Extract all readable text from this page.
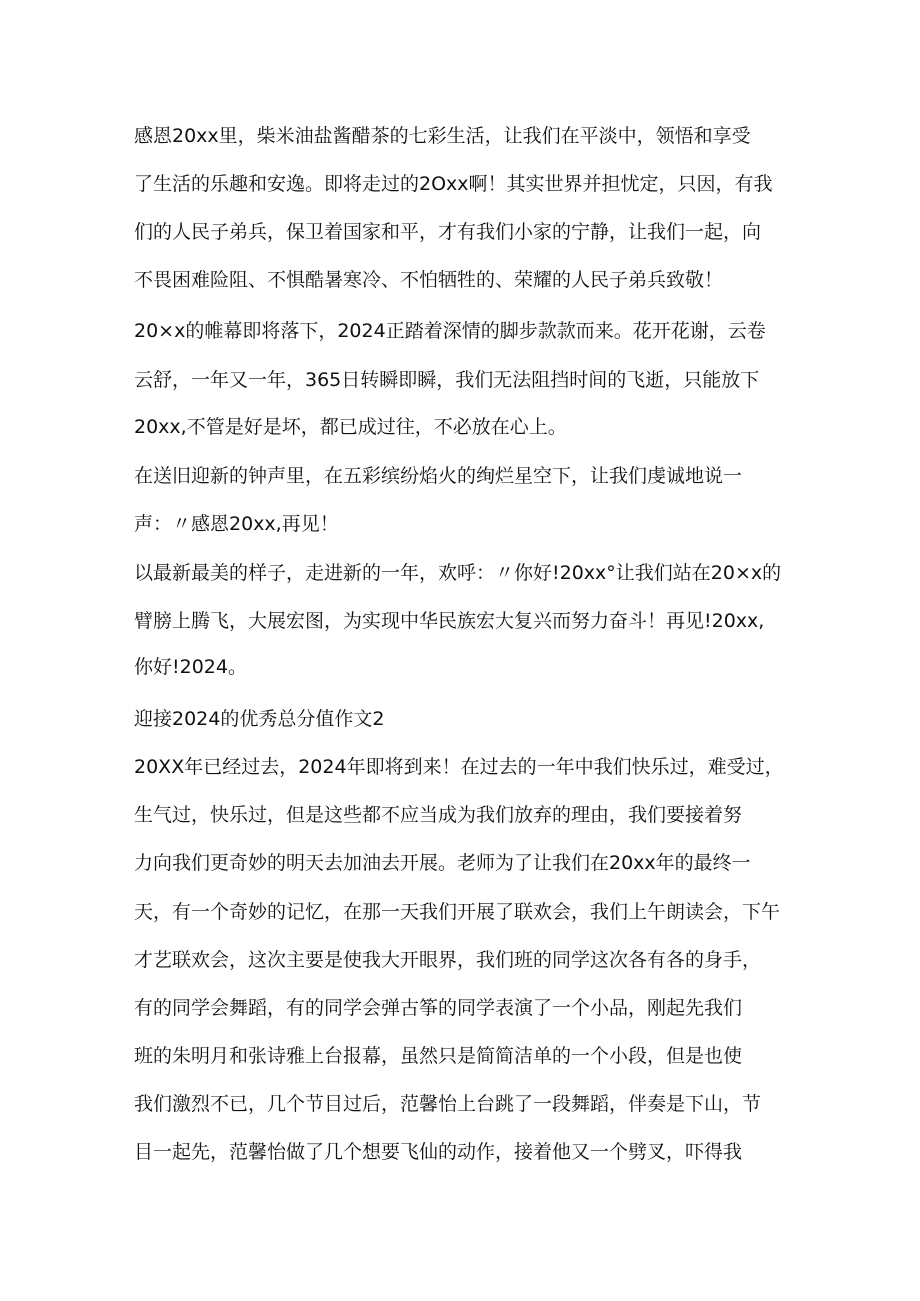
感恩20xx里，柴米油盐酱醋茶的七彩生活，让我们在平淡中，领悟和享受
了生活的乐趣和安逸。即将走过的2Oxx啊！其实世界并担忧定，只因，有我
们的人民子弟兵，保卫着国家和平，才有我们小家的宁静，让我们一起，向
不畏困难险阻、不惧酷暑寒冷、不怕牺牲的、荣耀的人民子弟兵致敬！
20×x的帷幕即将落下，2024正踏着深情的脚步款款而来。花开花谢，云卷
云舒，一年又一年，365日转瞬即瞬，我们无法阻挡时间的飞逝，只能放下
20xx,不管是好是坏，都已成过往，不必放在心上。
在送旧迎新的钟声里，在五彩缤纷焰火的绚烂星空下，让我们虔诚地说一
声：〃感恩20xx,再见！
以最新最美的样子，走进新的一年，欢呼：〃你好!20xx°让我们站在20×x的
臂膀上腾飞，大展宏图，为实现中华民族宏大复兴而努力奋斗！再见!20xx,
你好!2024。
迎接2024的优秀总分值作文2
20XX年已经过去，2024年即将到来！在过去的一年中我们快乐过，难受过，
生气过，快乐过，但是这些都不应当成为我们放弃的理由，我们要接着努
力向我们更奇妙的明天去加油去开展。老师为了让我们在20xx年的最终一
天，有一个奇妙的记忆，在那一天我们开展了联欢会，我们上午朗读会，下午
才艺联欢会，这次主要是使我大开眼界，我们班的同学这次各有各的身手，
有的同学会舞蹈，有的同学会弹古筝的同学表演了一个小品，刚起先我们
班的朱明月和张诗雅上台报幕，虽然只是简简洁单的一个小段，但是也使
我们激烈不已，几个节目过后，范馨怡上台跳了一段舞蹈，伴奏是下山，节
目一起先，范馨怡做了几个想要飞仙的动作，接着他又一个劈叉，吓得我
